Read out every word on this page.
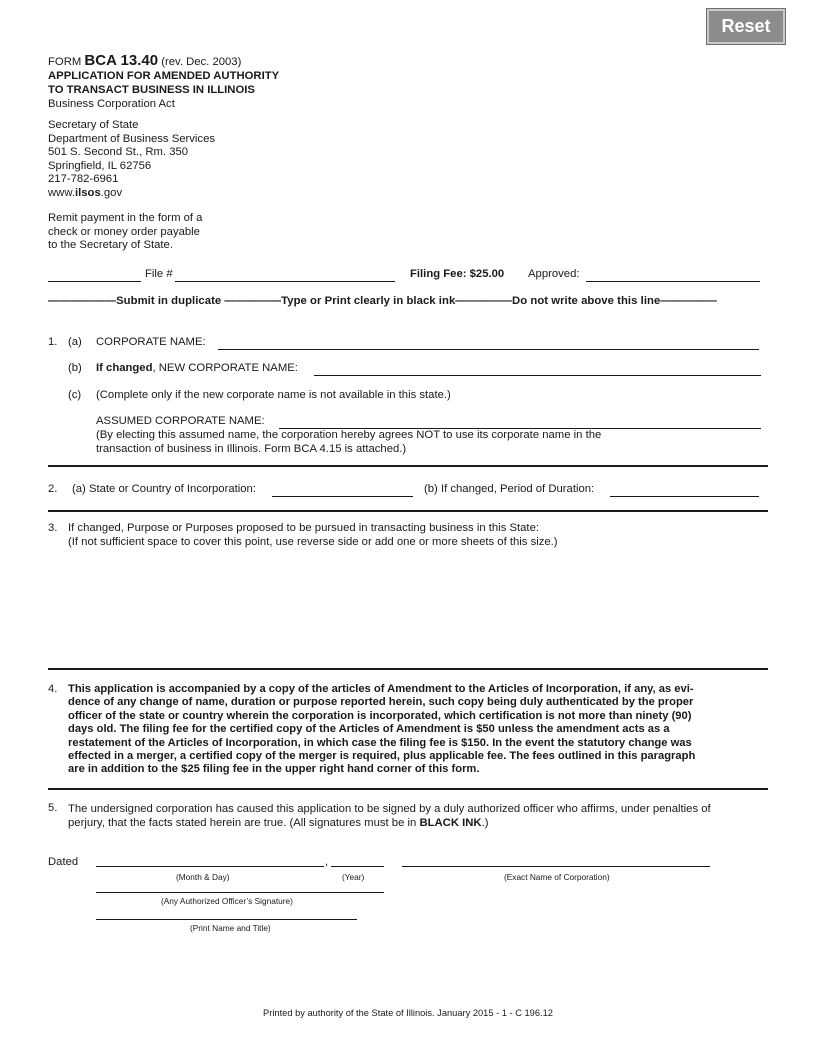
Reset
FORM BCA 13.40 (rev. Dec. 2003)
APPLICATION FOR AMENDED AUTHORITY
TO TRANSACT BUSINESS IN ILLINOIS
Business Corporation Act
Secretary of State
Department of Business Services
501 S. Second St., Rm. 350
Springfield, IL 62756
217-782-6961
www.ilsos.gov
Remit payment in the form of a
check or money order payable
to the Secretary of State.
File #	Filing Fee: $25.00 Approved:
——————Submit in duplicate —————Type or Print clearly in black ink—————Do not write above this line—————
1. (a) CORPORATE NAME:
(b) If changed, NEW CORPORATE NAME:
(c) (Complete only if the new corporate name is not available in this state.)
ASSUMED CORPORATE NAME:
(By electing this assumed name, the corporation hereby agrees NOT to use its corporate name in the
transaction of business in Illinois. Form BCA 4.15 is attached.)
2. (a) State or Country of Incorporation:	(b) If changed, Period of Duration:
3. If changed, Purpose or Purposes proposed to be pursued in transacting business in this State:
(If not sufficient space to cover this point, use reverse side or add one or more sheets of this size.)
4. This application is accompanied by a copy of the articles of Amendment to the Articles of Incorporation, if any, as evi-
dence of any change of name, duration or purpose reported herein, such copy being duly authenticated by the proper
officer of the state or country wherein the corporation is incorporated, which certification is not more than ninety (90)
days old. The filing fee for the certified copy of the Articles of Amendment is $50 unless the amendment acts as a
restatement of the Articles of Incorporation, in which case the filing fee is $150. In the event the statutory change was
effected in a merger, a certified copy of the merger is required, plus applicable fee. The fees outlined in this paragraph
are in addition to the $25 filing fee in the upper right hand corner of this form.
5. The undersigned corporation has caused this application to be signed by a duly authorized officer who affirms, under penalties of
perjury, that the facts stated herein are true. (All signatures must be in BLACK INK.)
Dated	,
(Month & Day)	(Year)	(Exact Name of Corporation)
(Any Authorized Officer’s Signature)
(Print Name and Title)
Printed by authority of the State of Illinois. January 2015 - 1 - C 196.12
